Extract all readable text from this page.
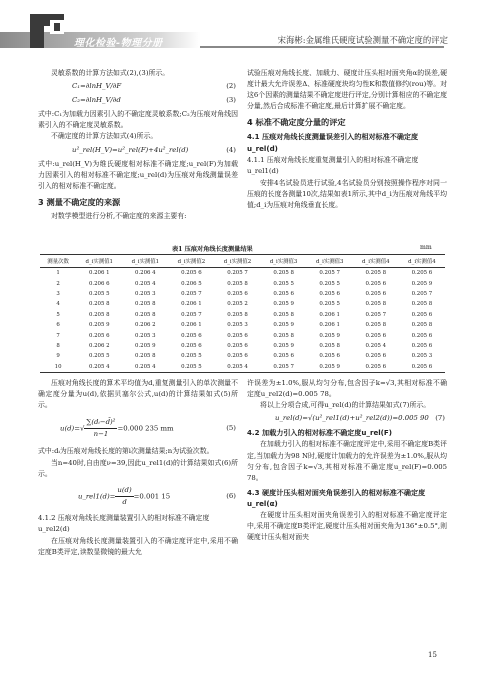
理化检验-物理分册	宋海彬:金属维氏硬度试验测量不确定度的评定

灵敏系数的计算方法如式(2),(3)所示。

C₁=∂lnH_V/∂F	(2)
C₂=∂lnH_V/∂d	(3)

式中:C₁为加载力因素引入的不确定度灵敏系数;C₂为压痕对角线因素引入的不确定度灵敏系数。

不确定度的计算方法如式(4)所示。

u²_rel(H_V)=u²_rel(F)+4u²_rel(d)	(4)

式中:u_rel(H_V)为维氏硬度相对标准不确定度;u_rel(F)为加载力因素引入的相对标准不确定度;u_rel(d)为压痕对角线测量误差引入的相对标准不确定度。

3 测量不确定度的来源

对数学模型进行分析,不确定度的来源主要有:

试验压痕对角线长度、加载力、硬度计压头相对面夹角α的误差,硬度计最大允许误差Δ、标准硬度块均匀性K和数值修约(rou)等。对这6个因素的测量结果不确定度进行评定,分别计算相应的不确定度分量,然后合成标准不确定度,最后计算扩展不确定度。

4 标准不确定度分量的评定
4.1 压痕对角线长度测量误差引入的相对标准不确定度u_rel(d)
4.1.1 压痕对角线长度重复测量引入的相对标准不确定度u_rel1(d)

安排4名试验员进行试验,4名试验员分别按照操作程序对同一压痕的长度各测量10次,结果如表1所示,其中d_i为压痕对角线平均值;d_i为压痕对角线垂直长度。

表1 压痕对角线长度测量结果	mm
测量次数	d_i实测值1	d_i实测值1	d_i实测值2	d_i实测值2	d_i实测值3	d_i实测值3	d_i实测值4	d_i实测值4
1	0.206 1	0.206 4	0.205 6	0.205 7	0.205 8	0.205 7	0.205 8	0.205 6
2	0.206 6	0.205 4	0.206 5	0.205 8	0.205 5	0.205 5	0.205 6	0.205 9
3	0.205 5	0.205 3	0.205 7	0.205 6	0.205 6	0.205 6	0.205 6	0.205 7
4	0.205 8	0.205 8	0.206 1	0.205 2	0.205 9	0.205 5	0.205 8	0.205 8
5	0.205 8	0.205 8	0.205 7	0.205 8	0.205 8	0.206 1	0.205 7	0.205 6
6	0.205 9	0.206 2	0.206 1	0.205 3	0.205 9	0.206 1	0.205 8	0.205 8
7	0.205 6	0.205 3	0.205 6	0.205 6	0.205 8	0.205 9	0.205 6	0.205 6
8	0.206 2	0.205 9	0.205 6	0.205 6	0.205 9	0.205 8	0.205 4	0.205 6
9	0.205 5	0.205 8	0.205 5	0.205 6	0.205 6	0.205 6	0.205 6	0.205 3
10	0.205 4	0.205 4	0.205 5	0.205 4	0.205 7	0.205 9	0.205 6	0.205 6

压痕对角线长度的算术平均值为d,重复测量引入的单次测量不确定度分量为u(d),依据贝塞尔公式,u(d)的计算结果如式(5)所示。

$u(d)=√ \frac{\text{∑(dᵢ−d̄)²}}{n-1} =0.000$ 235 mm	(5)

式中:dᵢ为压痕对角线长度的第i次测量结果;n为试验次数。

当n=40时,自由度ν=39,因此u_rel1(d)的计算结果如式(6)所示。

u_rel1(d)= $\frac{u(d)}{d} =0.001$ 15	(6)
4.1.2 压痕对角线长度测量装置引入的相对标准不确定度u_rel2(d)

在压痕对角线长度测量装置引入的不确定度评定中,采用不确定度B类评定,读数显微镜的最大允

许误差为±1.0%,服从均匀分布,包含因子k=√3,其相对标准不确定度u_rel2(d)=0.005 78。

将以上分项合成,可得u_rel(d)的计算结果如式(7)所示。

u_rel(d)=√(u²_rel1(d)+u²_rel2(d))=0.005 90 (7)
4.2 加载力引入的相对标准不确定度u_rel(F)

在加载力引入的相对标准不确定度评定中,采用不确定度B类评定,当加载力为98 N时,硬度计加载力的允许误差为±1.0%,服从均匀分布,包含因子k=√3,其相对标准不确定度u_rel(F)=0.005 78。

4.3 硬度计压头相对面夹角误差引入的相对标准不确定度u_rel(α)

在硬度计压头相对面夹角误差引入的相对标准不确定度评定中,采用不确定度B类评定,硬度计压头相对面夹角为136°±0.5°,则硬度计压头相对面夹

15
